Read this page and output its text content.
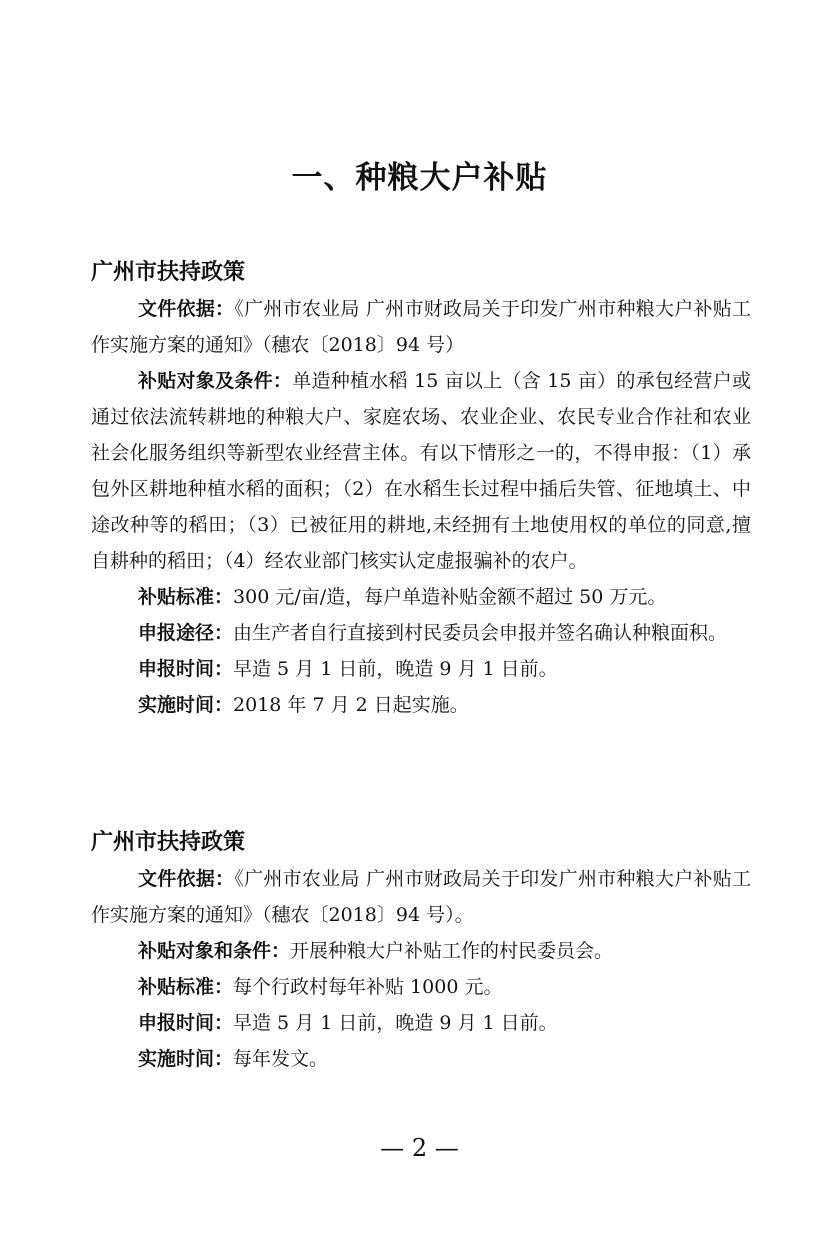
一、种粮大户补贴
广州市扶持政策

文件依据：《广州市农业局 广州市财政局关于印发广州市种粮大户补贴工作实施方案的通知》（穗农〔2018〕94 号）

补贴对象及条件：单造种植水稻 15 亩以上（含 15 亩）的承包经营户或通过依法流转耕地的种粮大户、家庭农场、农业企业、农民专业合作社和农业社会化服务组织等新型农业经营主体。有以下情形之一的，不得申报：（1）承包外区耕地种植水稻的面积；（2）在水稻生长过程中插后失管、征地填土、中途改种等的稻田；（3）已被征用的耕地,未经拥有土地使用权的单位的同意,擅自耕种的稻田；（4）经农业部门核实认定虚报骗补的农户。

补贴标准：300 元/亩/造，每户单造补贴金额不超过 50 万元。

申报途径：由生产者自行直接到村民委员会申报并签名确认种粮面积。

申报时间：早造 5 月 1 日前，晚造 9 月 1 日前。

实施时间：2018 年 7 月 2 日起实施。

广州市扶持政策

文件依据：《广州市农业局 广州市财政局关于印发广州市种粮大户补贴工作实施方案的通知》（穗农〔2018〕94 号）。

补贴对象和条件：开展种粮大户补贴工作的村民委员会。

补贴标准：每个行政村每年补贴 1000 元。

申报时间：早造 5 月 1 日前，晚造 9 月 1 日前。

实施时间：每年发文。

— 2 —
